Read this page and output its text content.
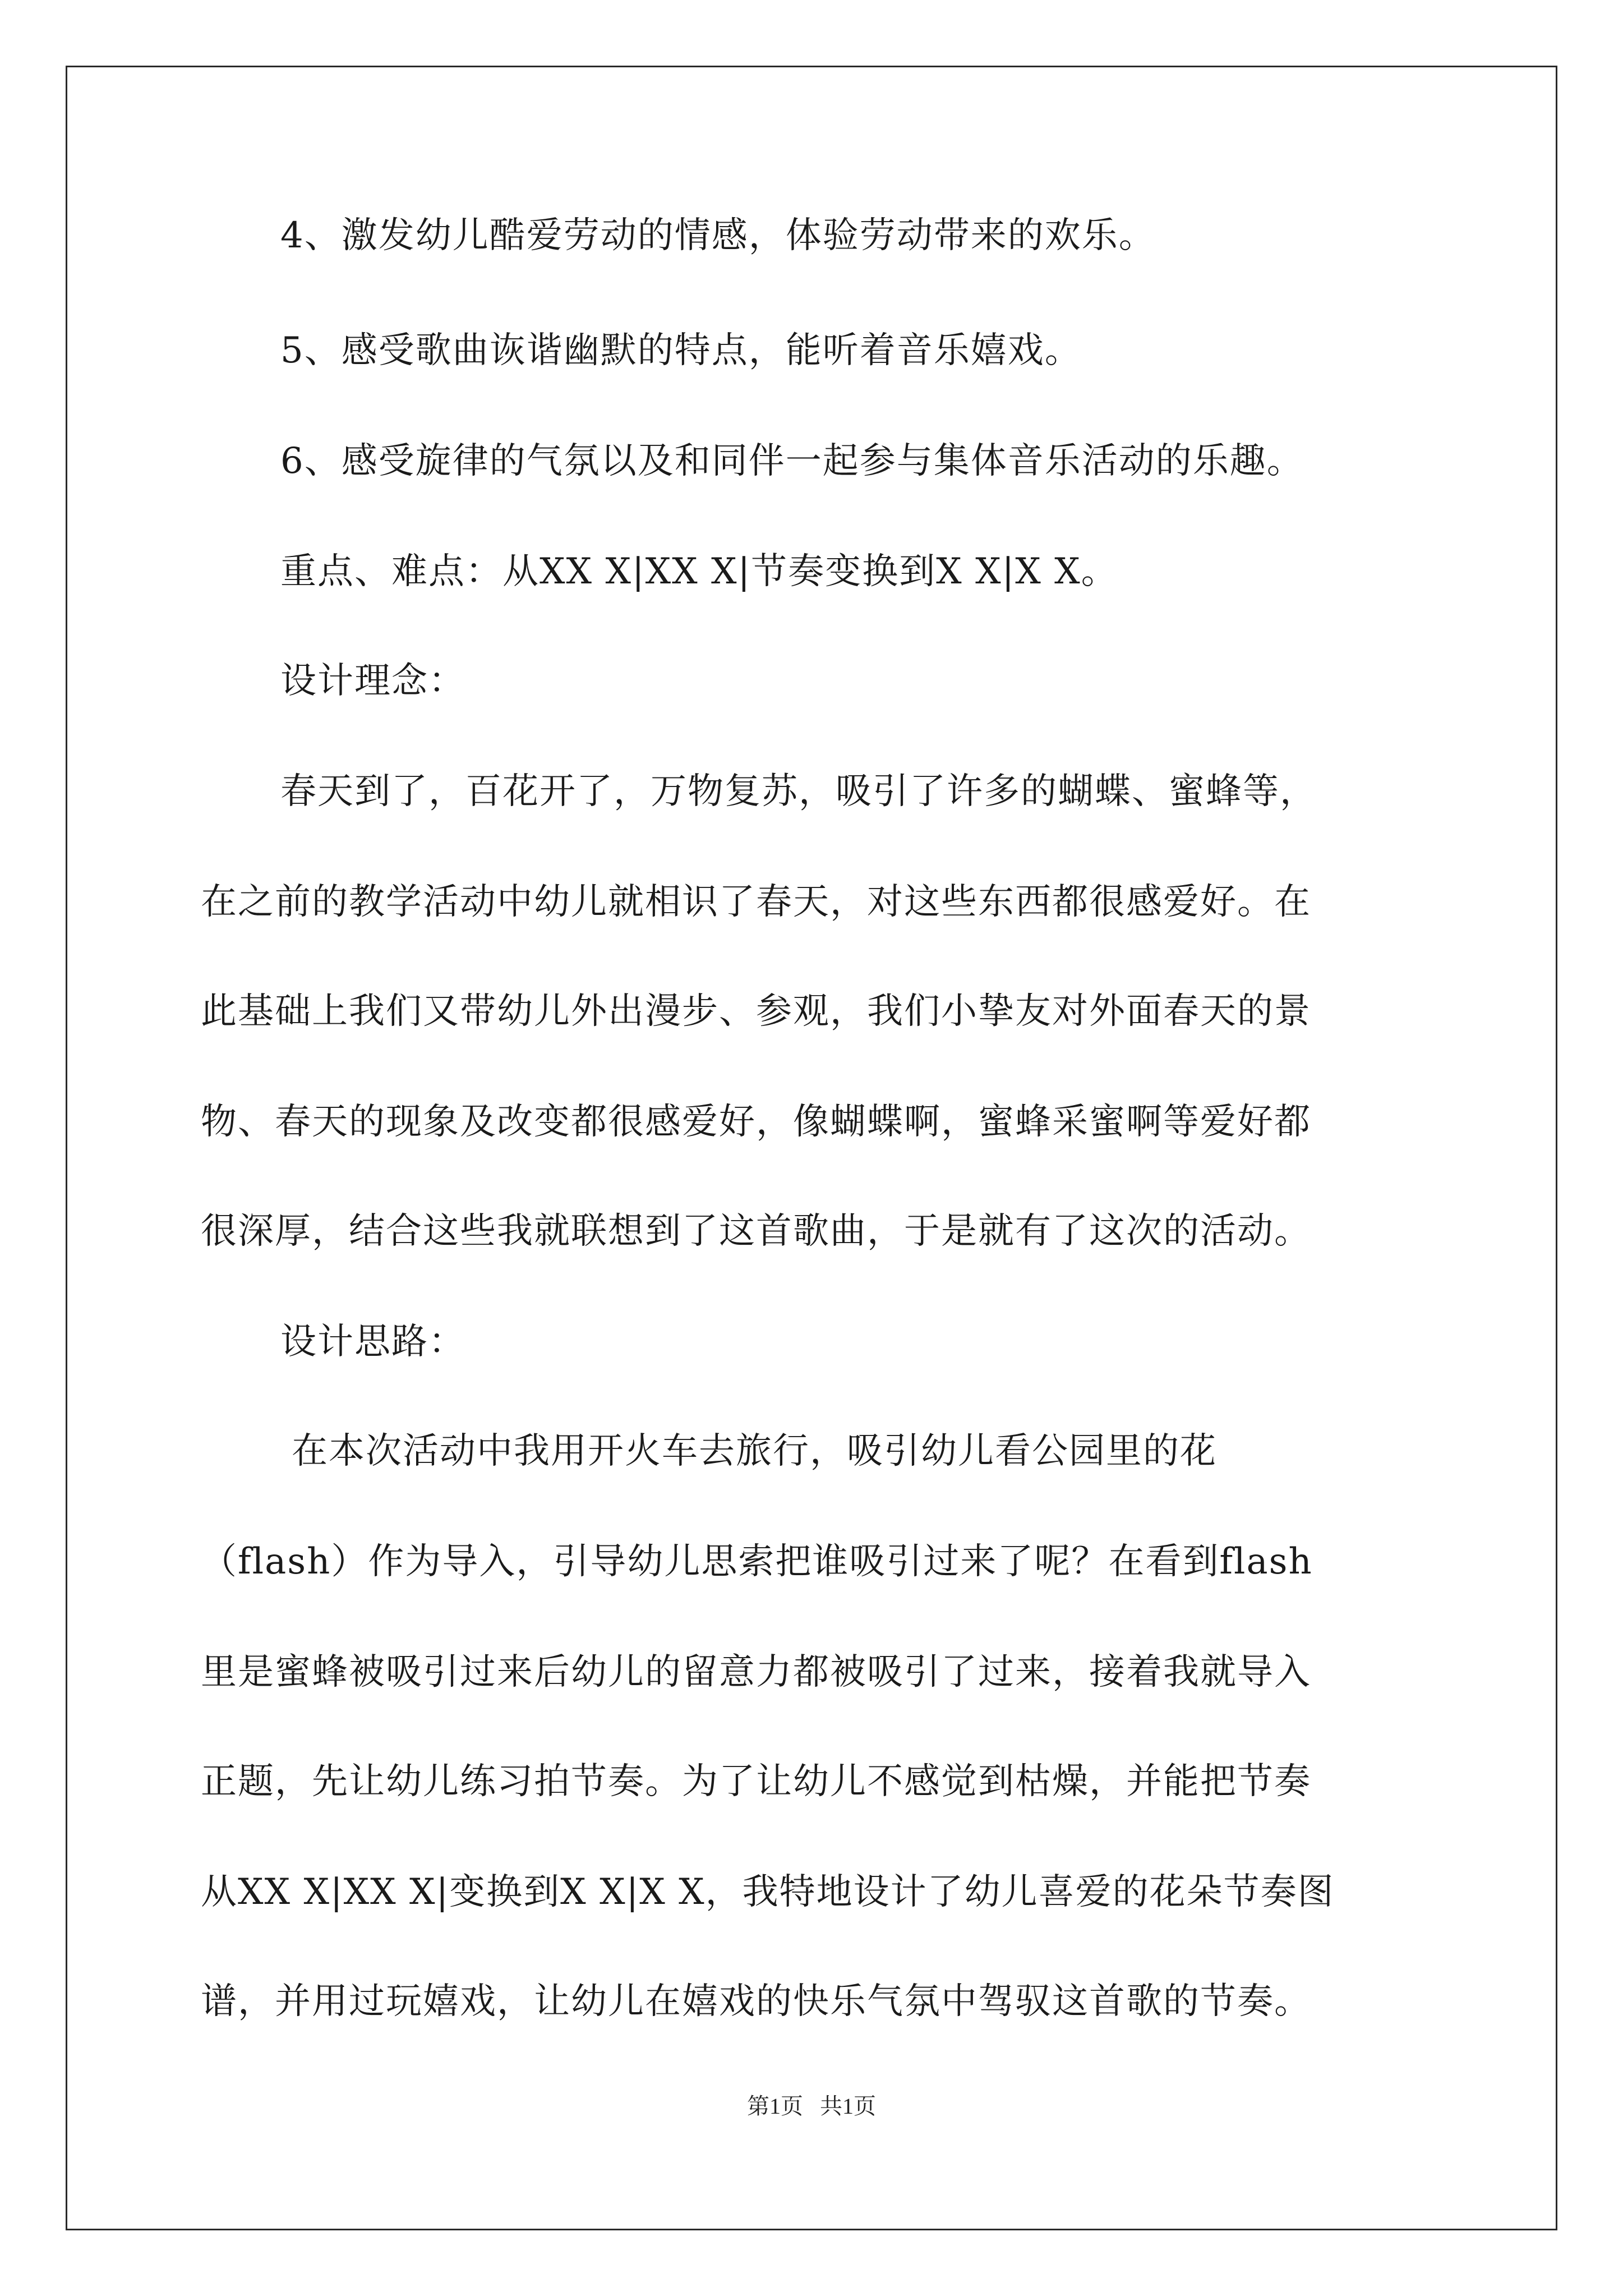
4、激发幼儿酷爱劳动的情感，体验劳动带来的欢乐。
5、感受歌曲诙谐幽默的特点，能听着音乐嬉戏。
6、感受旋律的气氛以及和同伴一起参与集体音乐活动的乐趣。
重点、难点：从XX X|XX X|节奏变换到X X|X X。
设计理念：
春天到了，百花开了，万物复苏，吸引了许多的蝴蝶、蜜蜂等，
在之前的教学活动中幼儿就相识了春天，对这些东西都很感爱好。在
此基础上我们又带幼儿外出漫步、参观，我们小挚友对外面春天的景
物、春天的现象及改变都很感爱好，像蝴蝶啊，蜜蜂采蜜啊等爱好都
很深厚，结合这些我就联想到了这首歌曲，于是就有了这次的活动。
设计思路：
在本次活动中我用开火车去旅行，吸引幼儿看公园里的花
（flash）作为导入，引导幼儿思索把谁吸引过来了呢？在看到flash
里是蜜蜂被吸引过来后幼儿的留意力都被吸引了过来，接着我就导入
正题，先让幼儿练习拍节奏。为了让幼儿不感觉到枯燥，并能把节奏
从XX X|XX X|变换到X X|X X，我特地设计了幼儿喜爱的花朵节奏图
谱，并用过玩嬉戏，让幼儿在嬉戏的快乐气氛中驾驭这首歌的节奏。
第1页   共1页
